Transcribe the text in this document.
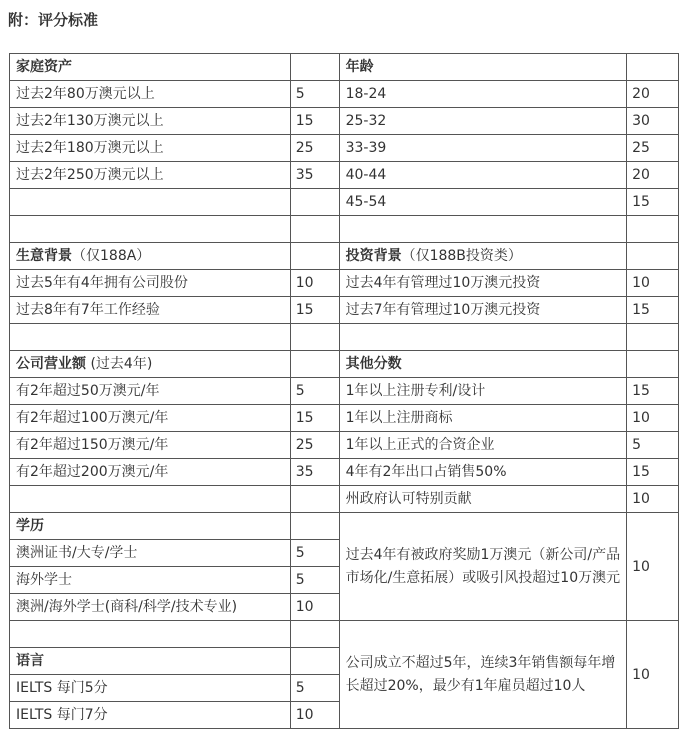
附：评分标准
家庭资产		年龄	
过去2年80万澳元以上	5	18-24	20
过去2年130万澳元以上	15	25-32	30
过去2年180万澳元以上	25	33-39	25
过去2年250万澳元以上	35	40-44	20
		45-54	15

生意背景（仅188A）		投资背景（仅188B投资类）	
过去5年有4年拥有公司股份	10	过去4年有管理过10万澳元投资	10
过去8年有7年工作经验	15	过去7年有管理过10万澳元投资	15

公司营业额 (过去4年)		其他分数	
有2年超过50万澳元/年	5	1年以上注册专利/设计	15
有2年超过100万澳元/年	15	1年以上注册商标	10
有2年超过150万澳元/年	25	1年以上正式的合资企业	5
有2年超过200万澳元/年	35	4年有2年出口占销售50%	15
		州政府认可特别贡献	10
学历		过去4年有被政府奖励1万澳元（新公司/产品市场化/生意拓展）或吸引风投超过10万澳元	10
澳洲证书/大专/学士	5		
海外学士	5		
澳洲/海外学士(商科/科学/技术专业)	10		
		公司成立不超过5年，连续3年销售额每年增长超过20%，最少有1年雇员超过10人	10
语言			
IELTS 每门5分	5		
IELTS 每门7分	10		
